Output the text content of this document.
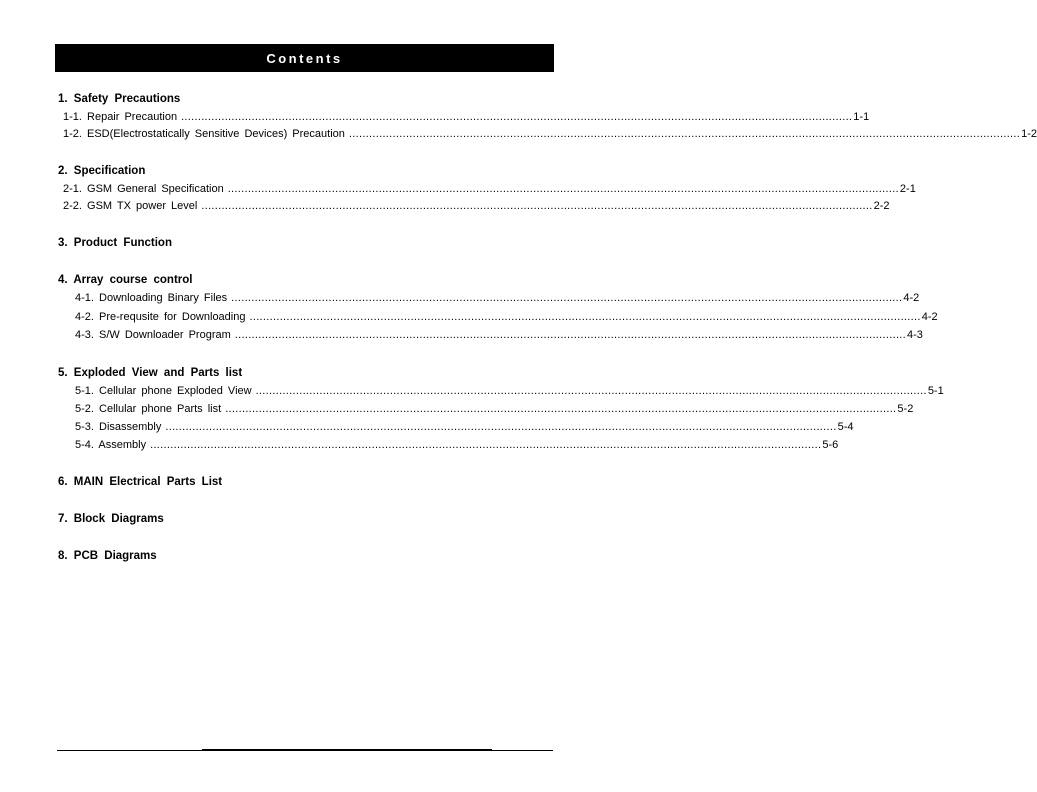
Contents
1. Safety Precautions
1-1. Repair Precaution ........................................................................................................................................................................................................ 1-1
1-2. ESD(Electrostatically Sensitive Devices) Precaution ........................................................................................................................................................................................................ 1-2
2. Specification
2-1. GSM General Specification ........................................................................................................................................................................................................ 2-1
2-2. GSM TX power Level ........................................................................................................................................................................................................ 2-2
3. Product Function
4. Array course control
4-1. Downloading Binary Files ........................................................................................................................................................................................................ 4-2
4-2. Pre-requsite for Downloading ........................................................................................................................................................................................................ 4-2
4-3. S/W Downloader Program ........................................................................................................................................................................................................ 4-3
5. Exploded View and Parts list
5-1. Cellular phone Exploded View ........................................................................................................................................................................................................ 5-1
5-2. Cellular phone Parts list ........................................................................................................................................................................................................ 5-2
5-3. Disassembly ........................................................................................................................................................................................................ 5-4
5-4. Assembly ........................................................................................................................................................................................................ 5-6
6. MAIN Electrical Parts List
7. Block Diagrams
8. PCB Diagrams
